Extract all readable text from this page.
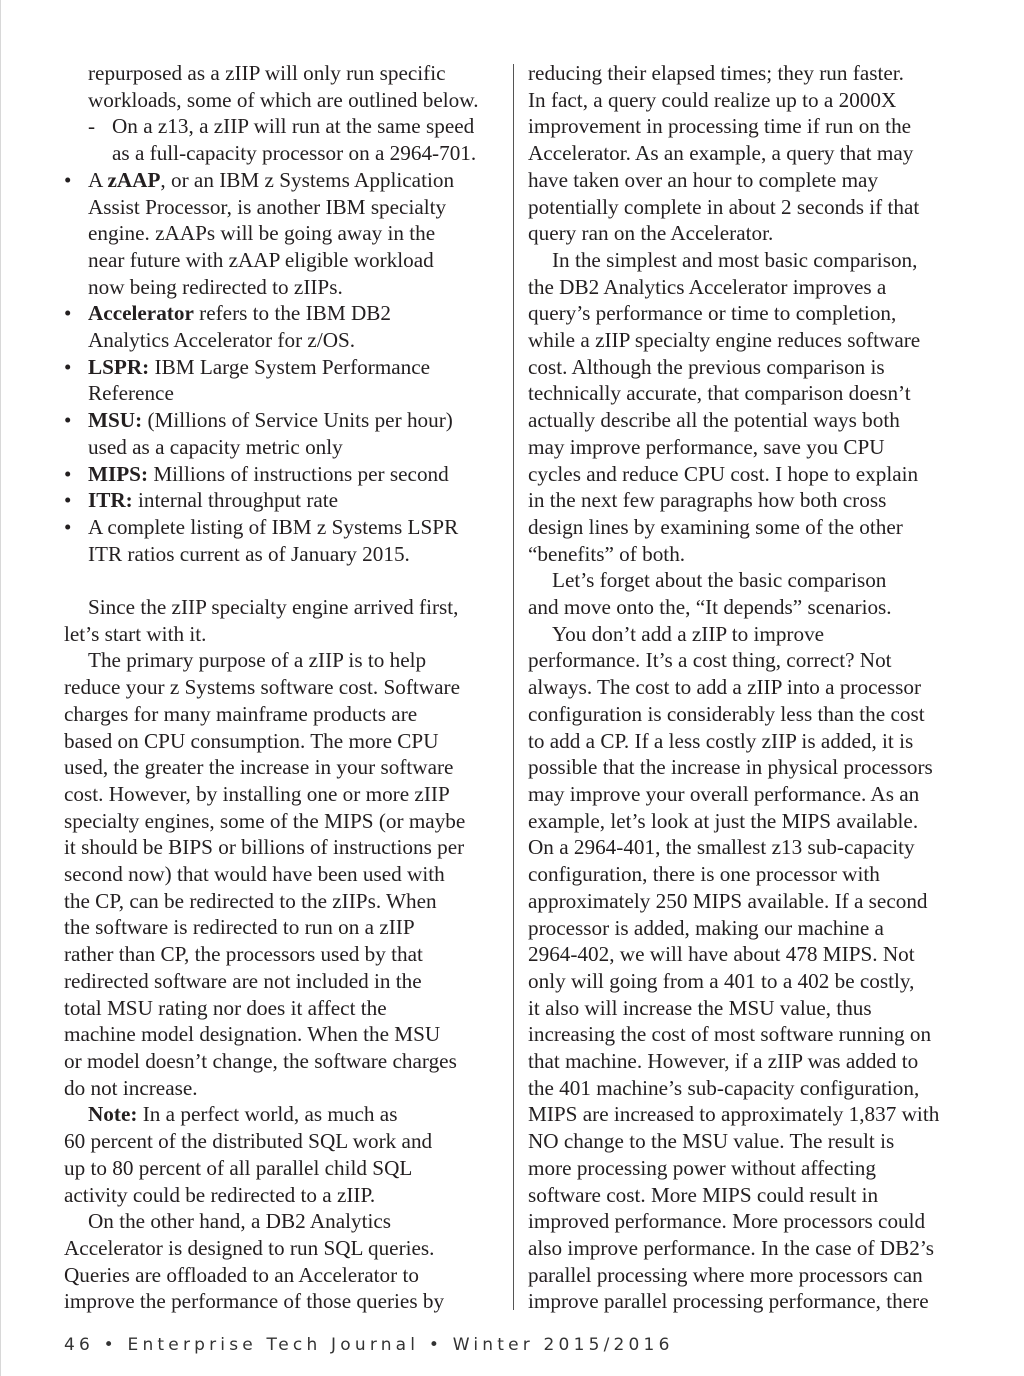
repurposed as a zIIP will only run specific
workloads, some of which are outlined below.
- On a z13, a zIIP will run at the same speed
as a full-capacity processor on a 2964-701.
• A zAAP, or an IBM z Systems Application
Assist Processor, is another IBM specialty
engine. zAAPs will be going away in the
near future with zAAP eligible workload
now being redirected to zIIPs.
• Accelerator refers to the IBM DB2
Analytics Accelerator for z/OS.
• LSPR: IBM Large System Performance
Reference
• MSU: (Millions of Service Units per hour)
used as a capacity metric only
• MIPS: Millions of instructions per second
• ITR: internal throughput rate
• A complete listing of IBM z Systems LSPR
ITR ratios current as of January 2015.
Since the zIIP specialty engine arrived first,
let’s start with it.
The primary purpose of a zIIP is to help
reduce your z Systems software cost. Software
charges for many mainframe products are
based on CPU consumption. The more CPU
used, the greater the increase in your software
cost. However, by installing one or more zIIP
specialty engines, some of the MIPS (or maybe
it should be BIPS or billions of instructions per
second now) that would have been used with
the CP, can be redirected to the zIIPs. When
the software is redirected to run on a zIIP
rather than CP, the processors used by that
redirected software are not included in the
total MSU rating nor does it affect the
machine model designation. When the MSU
or model doesn’t change, the software charges
do not increase.
Note: In a perfect world, as much as
60 percent of the distributed SQL work and
up to 80 percent of all parallel child SQL
activity could be redirected to a zIIP.
On the other hand, a DB2 Analytics
Accelerator is designed to run SQL queries.
Queries are offloaded to an Accelerator to
improve the performance of those queries by
reducing their elapsed times; they run faster.
In fact, a query could realize up to a 2000X
improvement in processing time if run on the
Accelerator. As an example, a query that may
have taken over an hour to complete may
potentially complete in about 2 seconds if that
query ran on the Accelerator.
In the simplest and most basic comparison,
the DB2 Analytics Accelerator improves a
query’s performance or time to completion,
while a zIIP specialty engine reduces software
cost. Although the previous comparison is
technically accurate, that comparison doesn’t
actually describe all the potential ways both
may improve performance, save you CPU
cycles and reduce CPU cost. I hope to explain
in the next few paragraphs how both cross
design lines by examining some of the other
“benefits” of both.
Let’s forget about the basic comparison
and move onto the, “It depends” scenarios.
You don’t add a zIIP to improve
performance. It’s a cost thing, correct? Not
always. The cost to add a zIIP into a processor
configuration is considerably less than the cost
to add a CP. If a less costly zIIP is added, it is
possible that the increase in physical processors
may improve your overall performance. As an
example, let’s look at just the MIPS available.
On a 2964-401, the smallest z13 sub-capacity
configuration, there is one processor with
approximately 250 MIPS available. If a second
processor is added, making our machine a
2964-402, we will have about 478 MIPS. Not
only will going from a 401 to a 402 be costly,
it also will increase the MSU value, thus
increasing the cost of most software running on
that machine. However, if a zIIP was added to
the 401 machine’s sub-capacity configuration,
MIPS are increased to approximately 1,837 with
NO change to the MSU value. The result is
more processing power without affecting
software cost. More MIPS could result in
improved performance. More processors could
also improve performance. In the case of DB2’s
parallel processing where more processors can
improve parallel processing performance, there
46 • Enterprise Tech Journal • Winter 2015/2016
